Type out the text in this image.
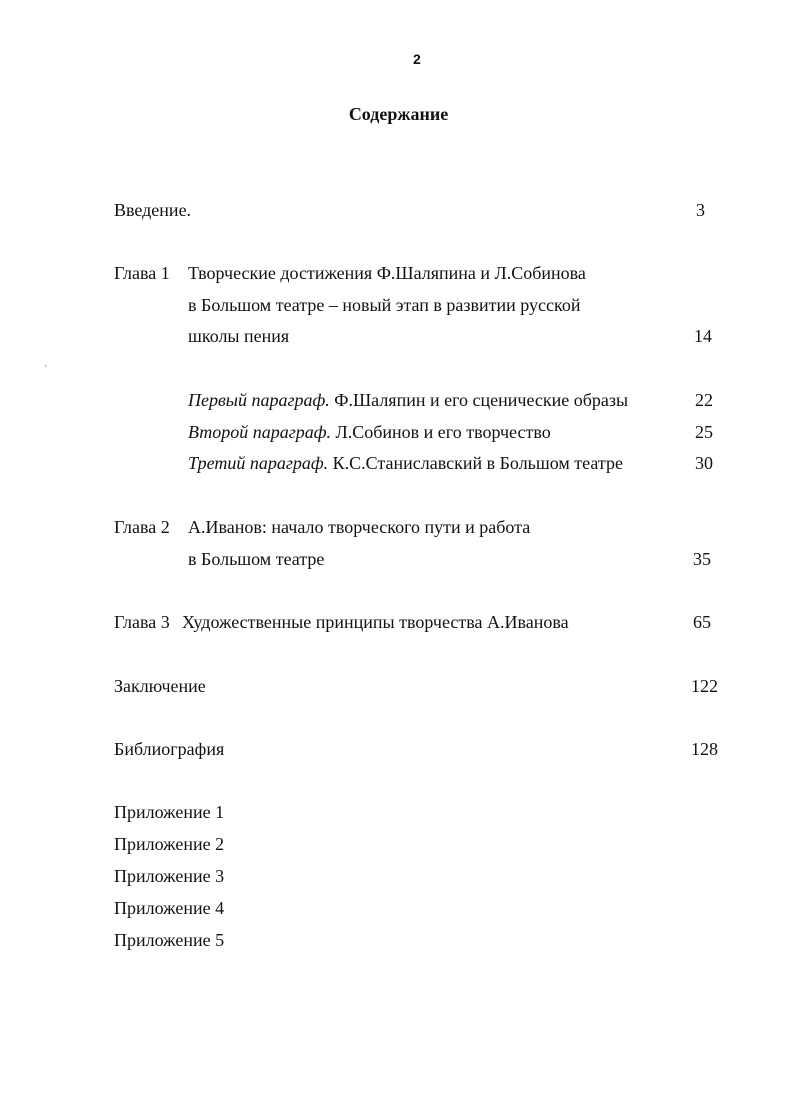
2
Содержание
Введение.	3
Глава 1 Творческие достижения Ф.Шаляпина и Л.Собинова
в Большом театре – новый этап в развитии русской
школы пения	14
Первый параграф. Ф.Шаляпин и его сценические образы	22
Второй параграф. Л.Собинов и его творчество	25
Третий параграф. К.С.Станиславский в Большом театре	30
Глава 2 А.Иванов: начало творческого пути и работа
в Большом театре	35
Глава 3 Художественные принципы творчества А.Иванова	65
Заключение	122
Библиография	128
Приложение 1
Приложение 2
Приложение 3
Приложение 4
Приложение 5
‚
